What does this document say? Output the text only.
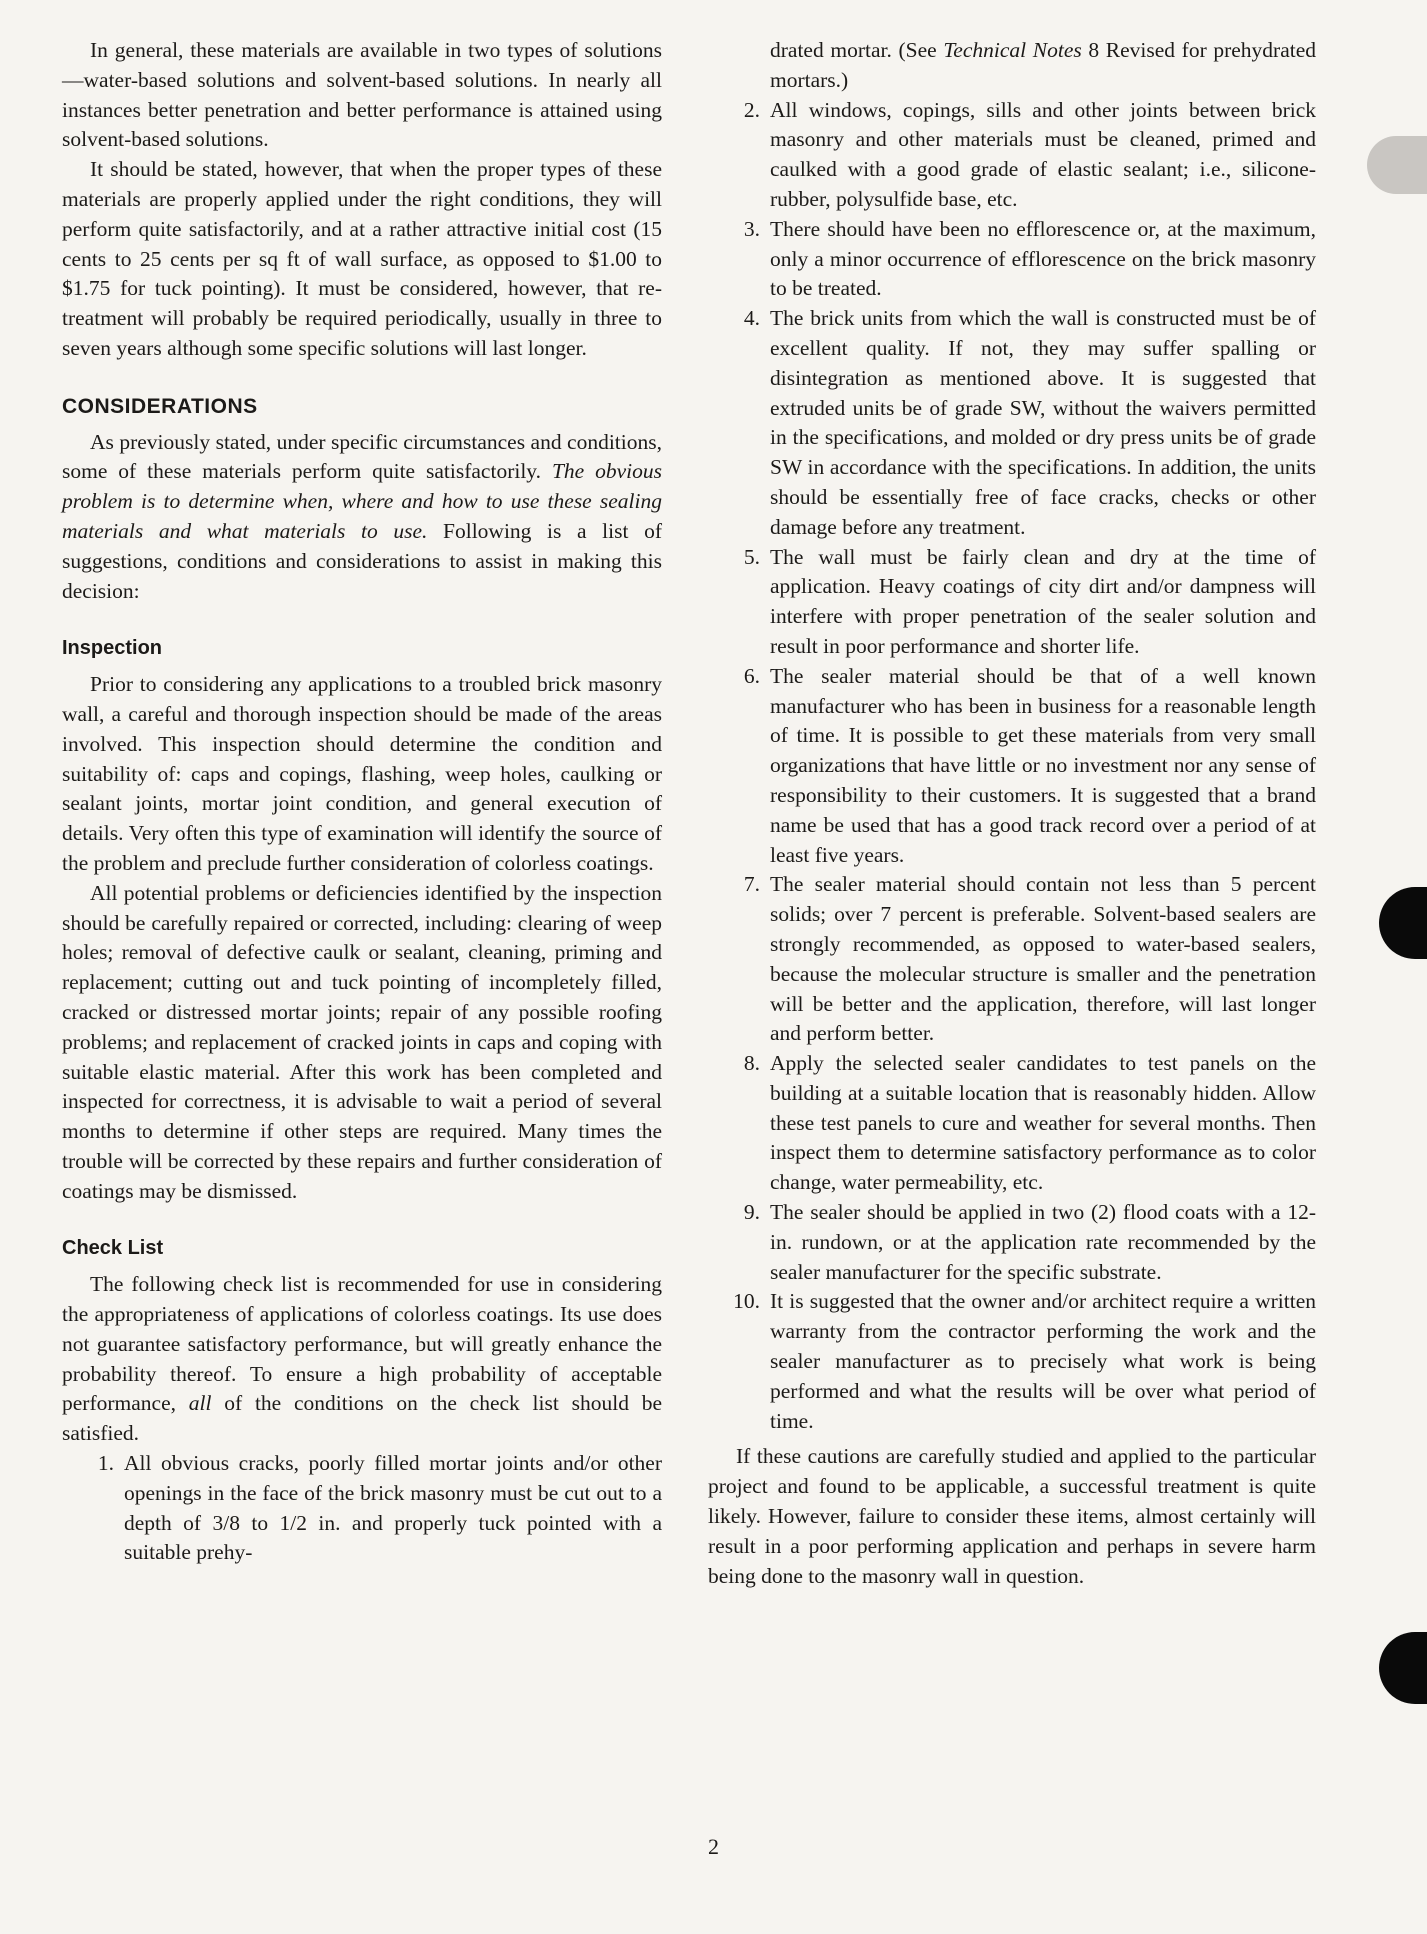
In general, these materials are available in two types of solutions—water-based solutions and solvent-based solutions. In nearly all instances better penetration and better performance is attained using solvent-based solutions.

It should be stated, however, that when the proper types of these materials are properly applied under the right conditions, they will perform quite satisfactorily, and at a rather attractive initial cost (15 cents to 25 cents per sq ft of wall surface, as opposed to $1.00 to $1.75 for tuck pointing). It must be considered, however, that re-treatment will probably be required periodically, usually in three to seven years although some specific solutions will last longer.

CONSIDERATIONS

As previously stated, under specific circumstances and conditions, some of these materials perform quite satisfactorily. The obvious problem is to determine when, where and how to use these sealing materials and what materials to use. Following is a list of suggestions, conditions and considerations to assist in making this decision:

Inspection

Prior to considering any applications to a troubled brick masonry wall, a careful and thorough inspection should be made of the areas involved. This inspection should determine the condition and suitability of: caps and copings, flashing, weep holes, caulking or sealant joints, mortar joint condition, and general execution of details. Very often this type of examination will identify the source of the problem and preclude further consideration of colorless coatings.

All potential problems or deficiencies identified by the inspection should be carefully repaired or corrected, including: clearing of weep holes; removal of defective caulk or sealant, cleaning, priming and replacement; cutting out and tuck pointing of incompletely filled, cracked or distressed mortar joints; repair of any possible roofing problems; and replacement of cracked joints in caps and coping with suitable elastic material. After this work has been completed and inspected for correctness, it is advisable to wait a period of several months to determine if other steps are required. Many times the trouble will be corrected by these repairs and further consideration of coatings may be dismissed.

Check List

The following check list is recommended for use in considering the appropriateness of applications of colorless coatings. Its use does not guarantee satisfactory performance, but will greatly enhance the probability thereof. To ensure a high probability of acceptable performance, all of the conditions on the check list should be satisfied.

1. All obvious cracks, poorly filled mortar joints and/or other openings in the face of the brick masonry must be cut out to a depth of 3/8 to 1/2 in. and properly tuck pointed with a suitable prehy-

drated mortar. (See Technical Notes 8 Revised for prehydrated mortars.)

2. All windows, copings, sills and other joints between brick masonry and other materials must be cleaned, primed and caulked with a good grade of elastic sealant; i.e., silicone-rubber, polysulfide base, etc.
3. There should have been no efflorescence or, at the maximum, only a minor occurrence of efflorescence on the brick masonry to be treated.
4. The brick units from which the wall is constructed must be of excellent quality. If not, they may suffer spalling or disintegration as mentioned above. It is suggested that extruded units be of grade SW, without the waivers permitted in the specifications, and molded or dry press units be of grade SW in accordance with the specifications. In addition, the units should be essentially free of face cracks, checks or other damage before any treatment.
5. The wall must be fairly clean and dry at the time of application. Heavy coatings of city dirt and/or dampness will interfere with proper penetration of the sealer solution and result in poor performance and shorter life.
6. The sealer material should be that of a well known manufacturer who has been in business for a reasonable length of time. It is possible to get these materials from very small organizations that have little or no investment nor any sense of responsibility to their customers. It is suggested that a brand name be used that has a good track record over a period of at least five years.
7. The sealer material should contain not less than 5 percent solids; over 7 percent is preferable. Solvent-based sealers are strongly recommended, as opposed to water-based sealers, because the molecular structure is smaller and the penetration will be better and the application, therefore, will last longer and perform better.
8. Apply the selected sealer candidates to test panels on the building at a suitable location that is reasonably hidden. Allow these test panels to cure and weather for several months. Then inspect them to determine satisfactory performance as to color change, water permeability, etc.
9. The sealer should be applied in two (2) flood coats with a 12-in. rundown, or at the application rate recommended by the sealer manufacturer for the specific substrate.
10. It is suggested that the owner and/or architect require a written warranty from the contractor performing the work and the sealer manufacturer as to precisely what work is being performed and what the results will be over what period of time.

If these cautions are carefully studied and applied to the particular project and found to be applicable, a successful treatment is quite likely. However, failure to consider these items, almost certainly will result in a poor performing application and perhaps in severe harm being done to the masonry wall in question.

2
